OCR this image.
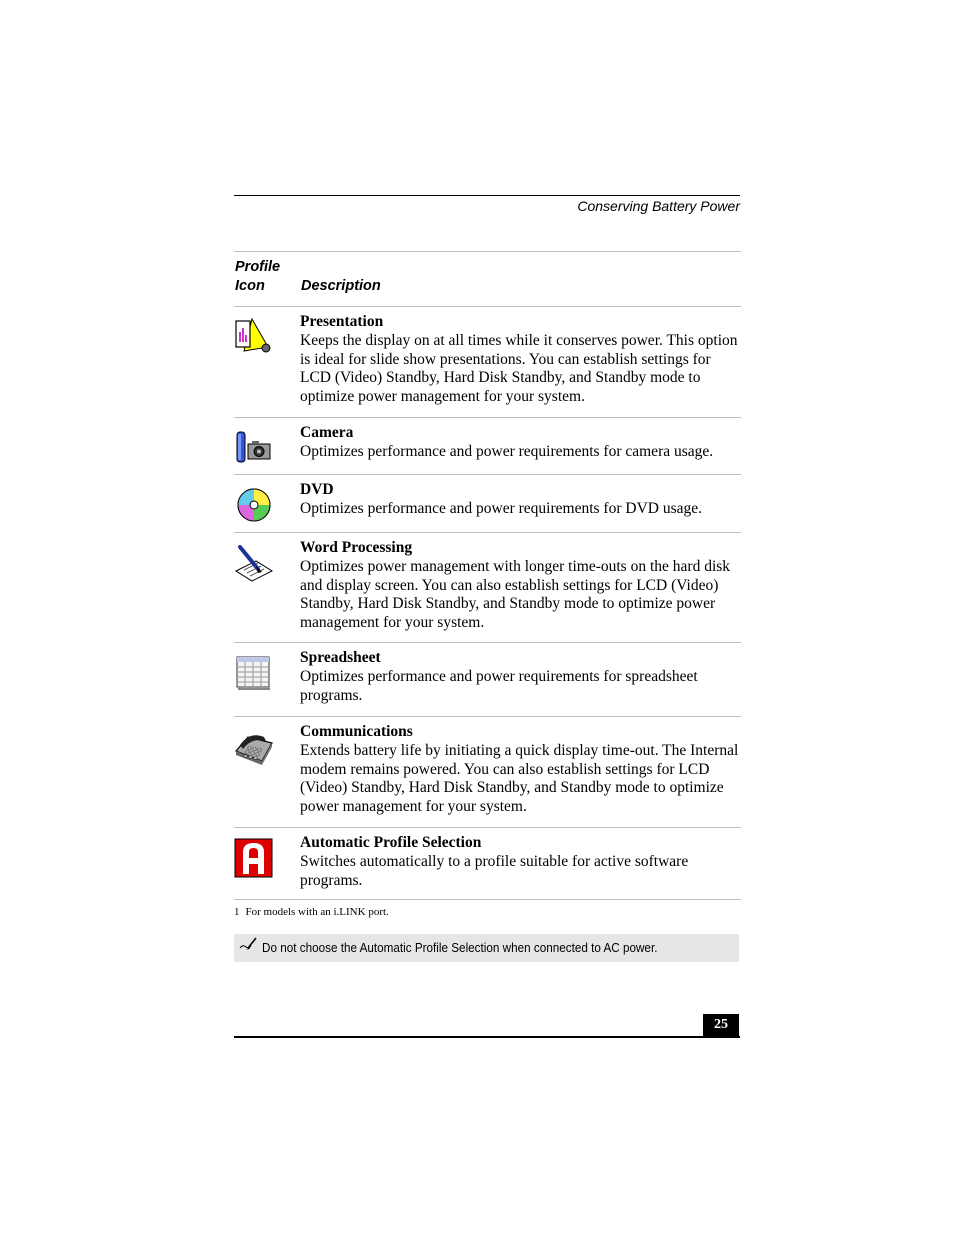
Conserving Battery Power
Profile
Icon	Description
Presentation
Keeps the display on at all times while it conserves power. This option is ideal for slide show presentations. You can establish settings for LCD (Video) Standby, Hard Disk Standby, and Standby mode to optimize power management for your system.
Camera
Optimizes performance and power requirements for camera usage.
DVD
Optimizes performance and power requirements for DVD usage.
Word Processing
Optimizes power management with longer time-outs on the hard disk and display screen. You can also establish settings for LCD (Video) Standby, Hard Disk Standby, and Standby mode to optimize power management for your system.
Spreadsheet
Optimizes performance and power requirements for spreadsheet programs.
Communications
Extends battery life by initiating a quick display time-out. The Internal modem remains powered. You can also establish settings for LCD (Video) Standby, Hard Disk Standby, and Standby mode to optimize power management for your system.
Automatic Profile Selection
Switches automatically to a profile suitable for active software programs.
1 For models with an i.LINK port.
Do not choose the Automatic Profile Selection when connected to AC power.
25
